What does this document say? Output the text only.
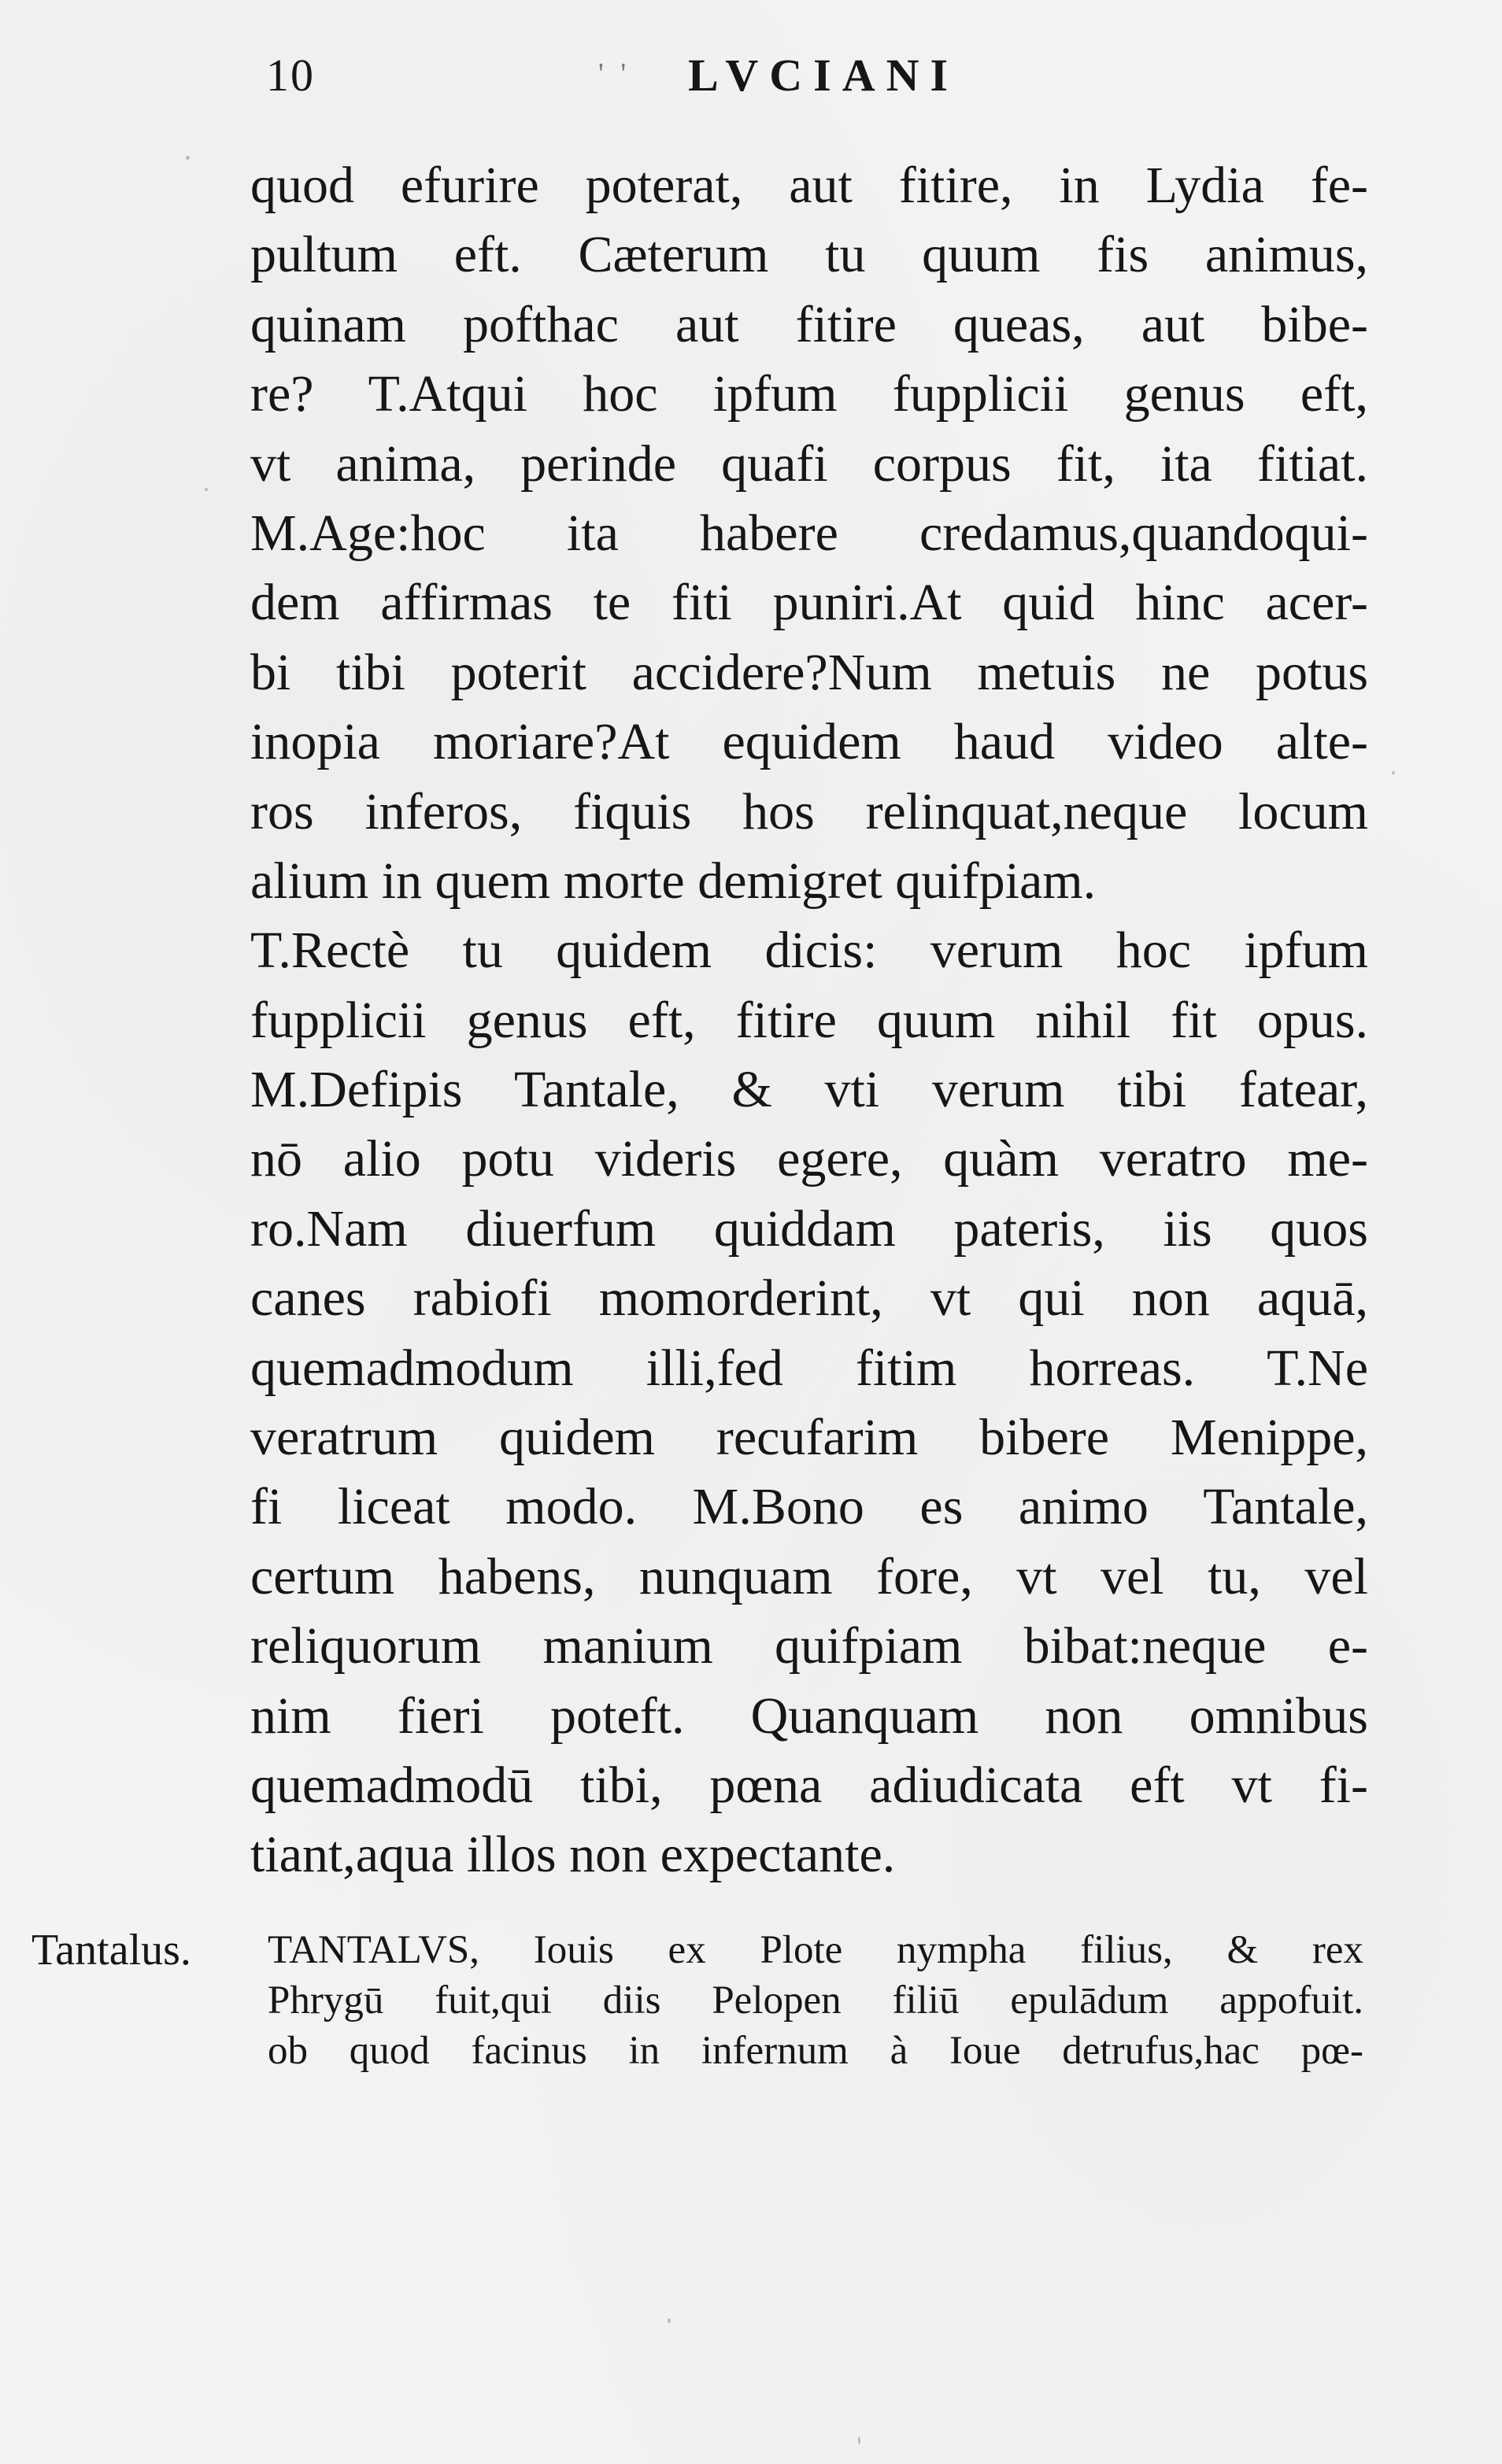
10	' ' LVCIANI
quod efurire poterat, aut fitire, in Lydia fe-
pultum eft. Cæterum tu quum fis animus,
quinam pofthac aut fitire queas, aut bibe-
re? T.Atqui hoc ipfum fupplicii genus eft,
vt anima, perinde quafi corpus fit, ita fitiat.
M.Age:hoc ita habere credamus,quandoqui-
dem affirmas te fiti puniri.At quid hinc acer-
bi tibi poterit accidere?Num metuis ne potus
inopia moriare?At equidem haud video alte-
ros inferos, fiquis hos relinquat,neque locum
alium in quem morte demigret quifpiam.
T.Rectè tu quidem dicis: verum hoc ipfum
fupplicii genus eft, fitire quum nihil fit opus.
M.Defipis Tantale, & vti verum tibi fatear,
nō alio potu videris egere, quàm veratro me-
ro.Nam diuerfum quiddam pateris, iis quos
canes rabiofi momorderint, vt qui non aquā,
quemadmodum illi,fed fitim horreas. T.Ne
veratrum quidem recufarim bibere Menippe,
fi liceat modo. M.Bono es animo Tantale,
certum habens, nunquam fore, vt vel tu, vel
reliquorum manium quifpiam bibat:neque e-
nim fieri poteft. Quanquam non omnibus
quemadmodū tibi, pœna adiudicata eft vt fi-
tiant,aqua illos non expectante.
Tantalus. TANTALVS, Iouis ex Plote nympha filius, & rex
Phrygū fuit,qui diis Pelopen filiū epulādum appofuit.
ob quod facinus in infernum à Ioue detrufus,hac pœ-
